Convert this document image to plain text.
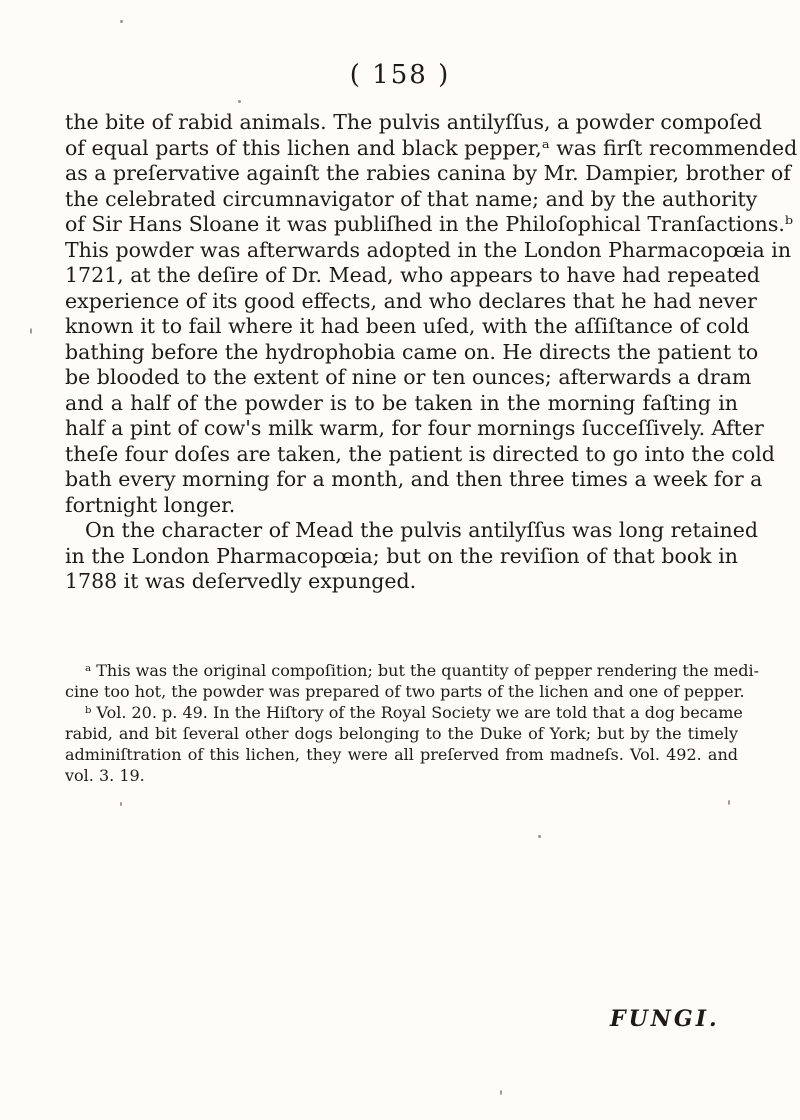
( 158 )
the bite of rabid animals. The pulvis antilyſſus, a powder compoſed
of equal parts of this lichen and black pepper,ᵃ was firſt recommended
as a preſervative againſt the rabies canina by Mr. Dampier, brother of
the celebrated circumnavigator of that name; and by the authority
of Sir Hans Sloane it was publiſhed in the Philoſophical Tranſactions.ᵇ
This powder was afterwards adopted in the London Pharmacopœia in
1721, at the deſire of Dr. Mead, who appears to have had repeated
experience of its good effects, and who declares that he had never
known it to fail where it had been uſed, with the aſſiſtance of cold
bathing before the hydrophobia came on. He directs the patient to
be blooded to the extent of nine or ten ounces; afterwards a dram
and a half of the powder is to be taken in the morning faſting in
half a pint of cow's milk warm, for four mornings ſucceſſively. After
theſe four doſes are taken, the patient is directed to go into the cold
bath every morning for a month, and then three times a week for a
fortnight longer.
On the character of Mead the pulvis antilyſſus was long retained
in the London Pharmacopœia; but on the reviſion of that book in
1788 it was deſervedly expunged.
ᵃ This was the original compoſition; but the quantity of pepper rendering the medi-
cine too hot, the powder was prepared of two parts of the lichen and one of pepper.
ᵇ Vol. 20. p. 49. In the Hiſtory of the Royal Society we are told that a dog became
rabid, and bit ſeveral other dogs belonging to the Duke of York; but by the timely
adminiſtration of this lichen, they were all preſerved from madneſs. Vol. 492. and
vol. 3. 19.
FUNGI.
